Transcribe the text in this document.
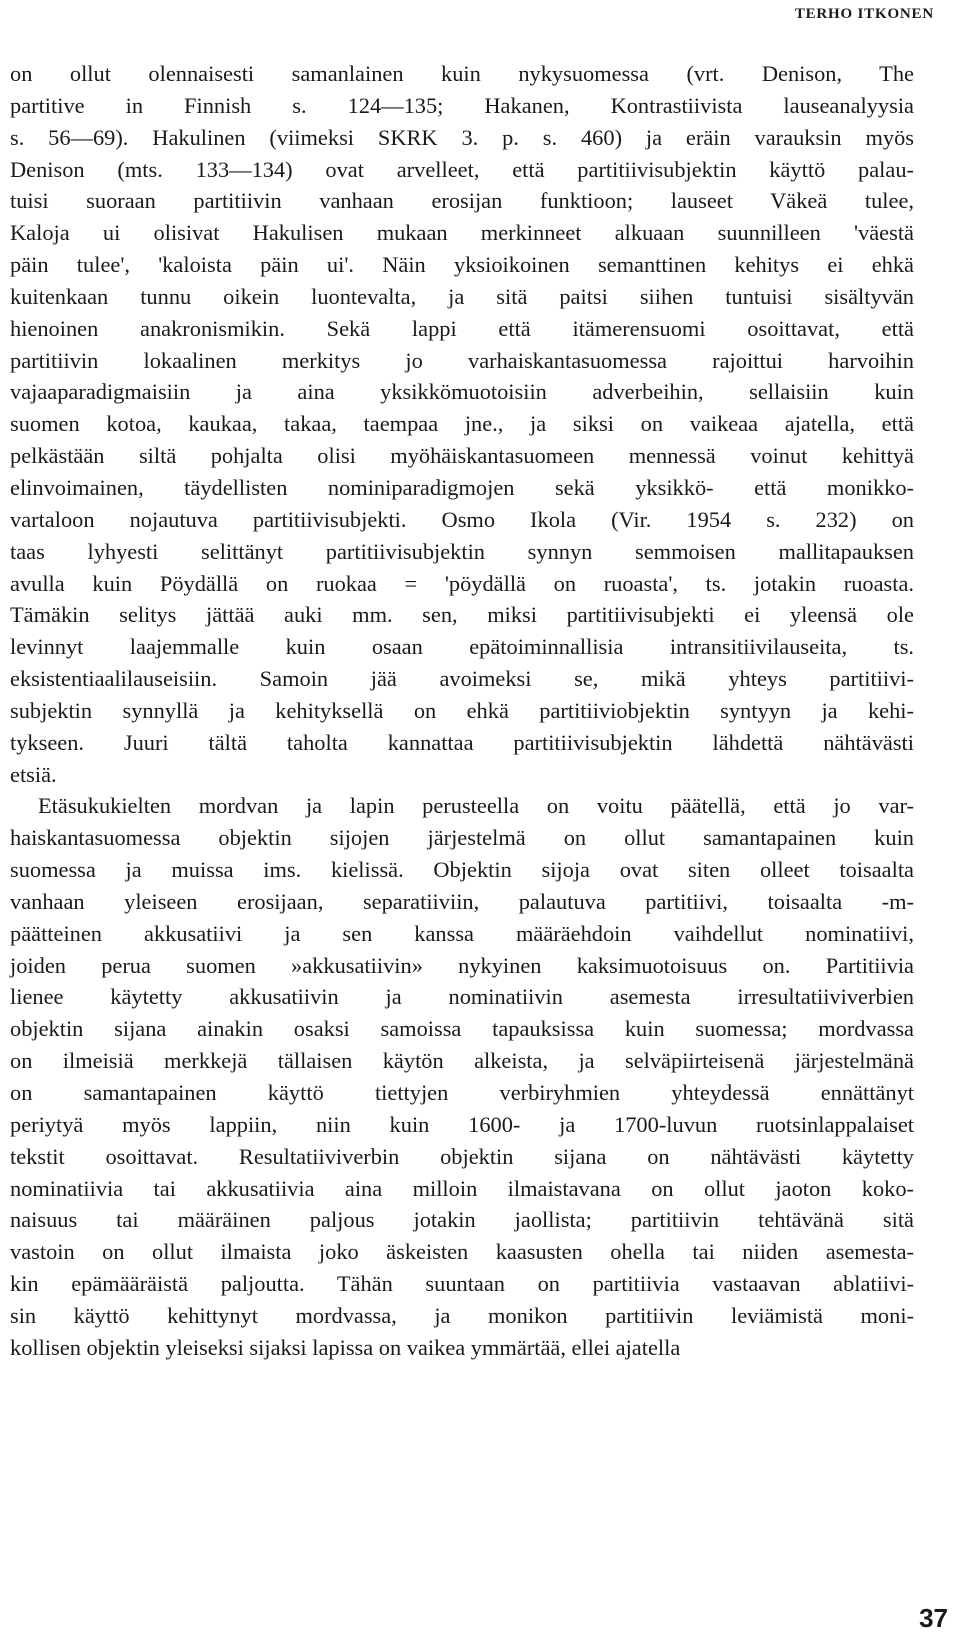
TERHO ITKONEN

on ollut olennaisesti samanlainen kuin nykysuomessa (vrt. Denison, The
partitive in Finnish s. 124—135; Hakanen, Kontrastiivista lauseanalyysia
s. 56—69). Hakulinen (viimeksi SKRK 3. p. s. 460) ja eräin varauksin myös
Denison (mts. 133—134) ovat arvelleet, että partitiivisubjektin käyttö palau-
tuisi suoraan partitiivin vanhaan erosijan funktioon; lauseet Väkeä tulee,
Kaloja ui olisivat Hakulisen mukaan merkinneet alkuaan suunnilleen 'väestä
päin tulee', 'kaloista päin ui'. Näin yksioikoinen semanttinen kehitys ei ehkä
kuitenkaan tunnu oikein luontevalta, ja sitä paitsi siihen tuntuisi sisältyvän
hienoinen anakronismikin. Sekä lappi että itämerensuomi osoittavat, että
partitiivin lokaalinen merkitys jo varhaiskantasuomessa rajoittui harvoihin
vajaaparadigmaisiin ja aina yksikkömuotoisiin adverbeihin, sellaisiin kuin
suomen kotoa, kaukaa, takaa, taempaa jne., ja siksi on vaikeaa ajatella, että
pelkästään siltä pohjalta olisi myöhäiskantasuomeen mennessä voinut kehittyä
elinvoimainen, täydellisten nominiparadigmojen sekä yksikkö- että monikko-
vartaloon nojautuva partitiivisubjekti. Osmo Ikola (Vir. 1954 s. 232) on
taas lyhyesti selittänyt partitiivisubjektin synnyn semmoisen mallitapauksen
avulla kuin Pöydällä on ruokaa = 'pöydällä on ruoasta', ts. jotakin ruoasta.
Tämäkin selitys jättää auki mm. sen, miksi partitiivisubjekti ei yleensä ole
levinnyt laajemmalle kuin osaan epätoiminnallisia intransitiivilauseita, ts.
eksistentiaalilauseisiin. Samoin jää avoimeksi se, mikä yhteys partitiivi-
subjektin synnyllä ja kehityksellä on ehkä partitiiviobjektin syntyyn ja kehi-
tykseen. Juuri tältä taholta kannattaa partitiivisubjektin lähdettä nähtävästi
etsiä.

Etäsukukielten mordvan ja lapin perusteella on voitu päätellä, että jo var-
haiskantasuomessa objektin sijojen järjestelmä on ollut samantapainen kuin
suomessa ja muissa ims. kielissä. Objektin sijoja ovat siten olleet toisaalta
vanhaan yleiseen erosijaan, separatiiviin, palautuva partitiivi, toisaalta -m-
päätteinen akkusatiivi ja sen kanssa määräehdoin vaihdellut nominatiivi,
joiden perua suomen »akkusatiivin» nykyinen kaksimuotoisuus on. Partitiivia
lienee käytetty akkusatiivin ja nominatiivin asemesta irresultatiiviverbien
objektin sijana ainakin osaksi samoissa tapauksissa kuin suomessa; mordvassa
on ilmeisiä merkkejä tällaisen käytön alkeista, ja selväpiirteisenä järjestelmänä
on samantapainen käyttö tiettyjen verbiryhmien yhteydessä ennättänyt
periytyä myös lappiin, niin kuin 1600- ja 1700-luvun ruotsinlappalaiset
tekstit osoittavat. Resultatiiviverbin objektin sijana on nähtävästi käytetty
nominatiivia tai akkusatiivia aina milloin ilmaistavana on ollut jaoton koko-
naisuus tai määräinen paljous jotakin jaollista; partitiivin tehtävänä sitä
vastoin on ollut ilmaista joko äskeisten kaasusten ohella tai niiden asemesta-
kin epämääräistä paljoutta. Tähän suuntaan on partitiivia vastaavan ablatiivi-
sin käyttö kehittynyt mordvassa, ja monikon partitiivin leviämistä moni-
kollisen objektin yleiseksi sijaksi lapissa on vaikea ymmärtää, ellei ajatella

37
